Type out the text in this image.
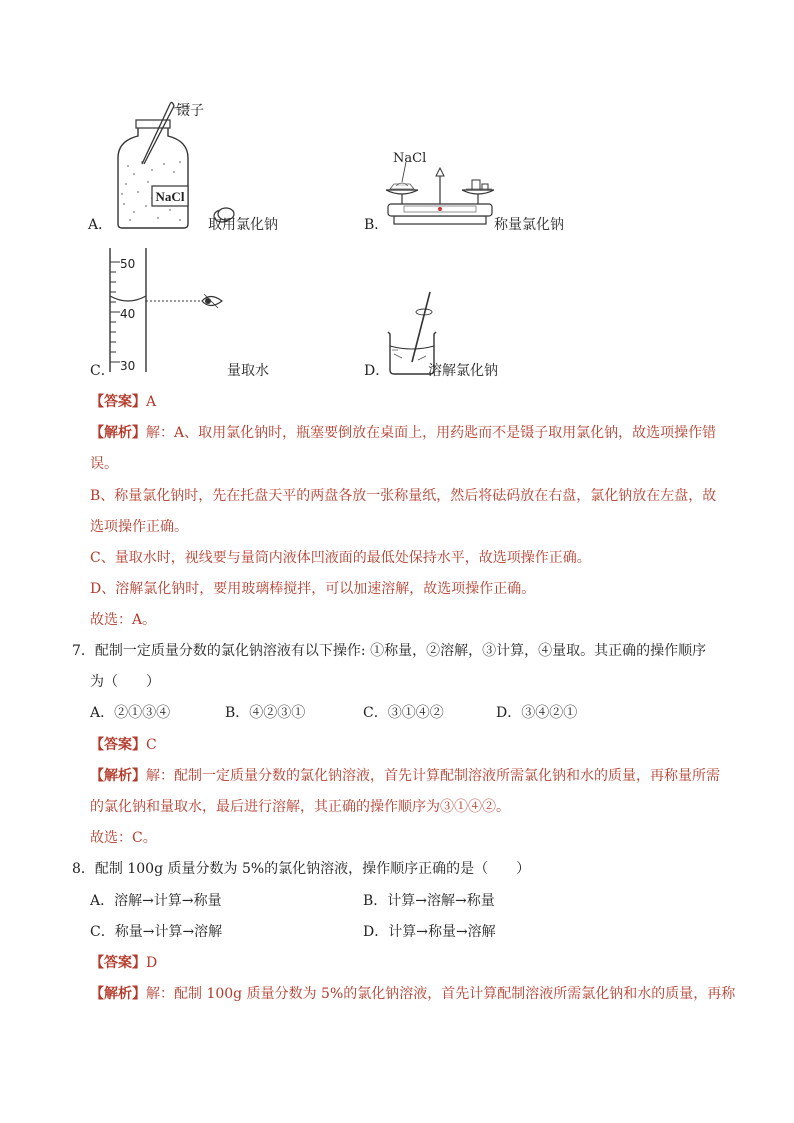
NaCl
镊子
A．	取用氯化钠
NaCl
B．	称量氯化钠
50
40
30
C．	量取水	D．	溶解氯化钠
【答案】A
【解析】解：A、取用氯化钠时，瓶塞要倒放在桌面上，用药匙而不是镊子取用氯化钠，故选项操作错
误。
B、称量氯化钠时，先在托盘天平的两盘各放一张称量纸，然后将砝码放在右盘，氯化钠放在左盘，故
选项操作正确。
C、量取水时，视线要与量筒内液体凹液面的最低处保持水平，故选项操作正确。
D、溶解氯化钠时，要用玻璃棒搅拌，可以加速溶解，故选项操作正确。
故选：A。
7．配制一定质量分数的氯化钠溶液有以下操作: ①称量，②溶解，③计算，④量取。其正确的操作顺序
为（　　）
A．②①③④	B．④②③①	C．③①④②	D．③④②①
【答案】C
【解析】解：配制一定质量分数的氯化钠溶液，首先计算配制溶液所需氯化钠和水的质量，再称量所需
的氯化钠和量取水，最后进行溶解，其正确的操作顺序为③①④②。
故选：C。
8．配制 100g 质量分数为 5%的氯化钠溶液，操作顺序正确的是（　　）
A．溶解→计算→称量	B．计算→溶解→称量
C．称量→计算→溶解	D．计算→称量→溶解
【答案】D
【解析】解：配制 100g 质量分数为 5%的氯化钠溶液，首先计算配制溶液所需氯化钠和水的质量，再称
